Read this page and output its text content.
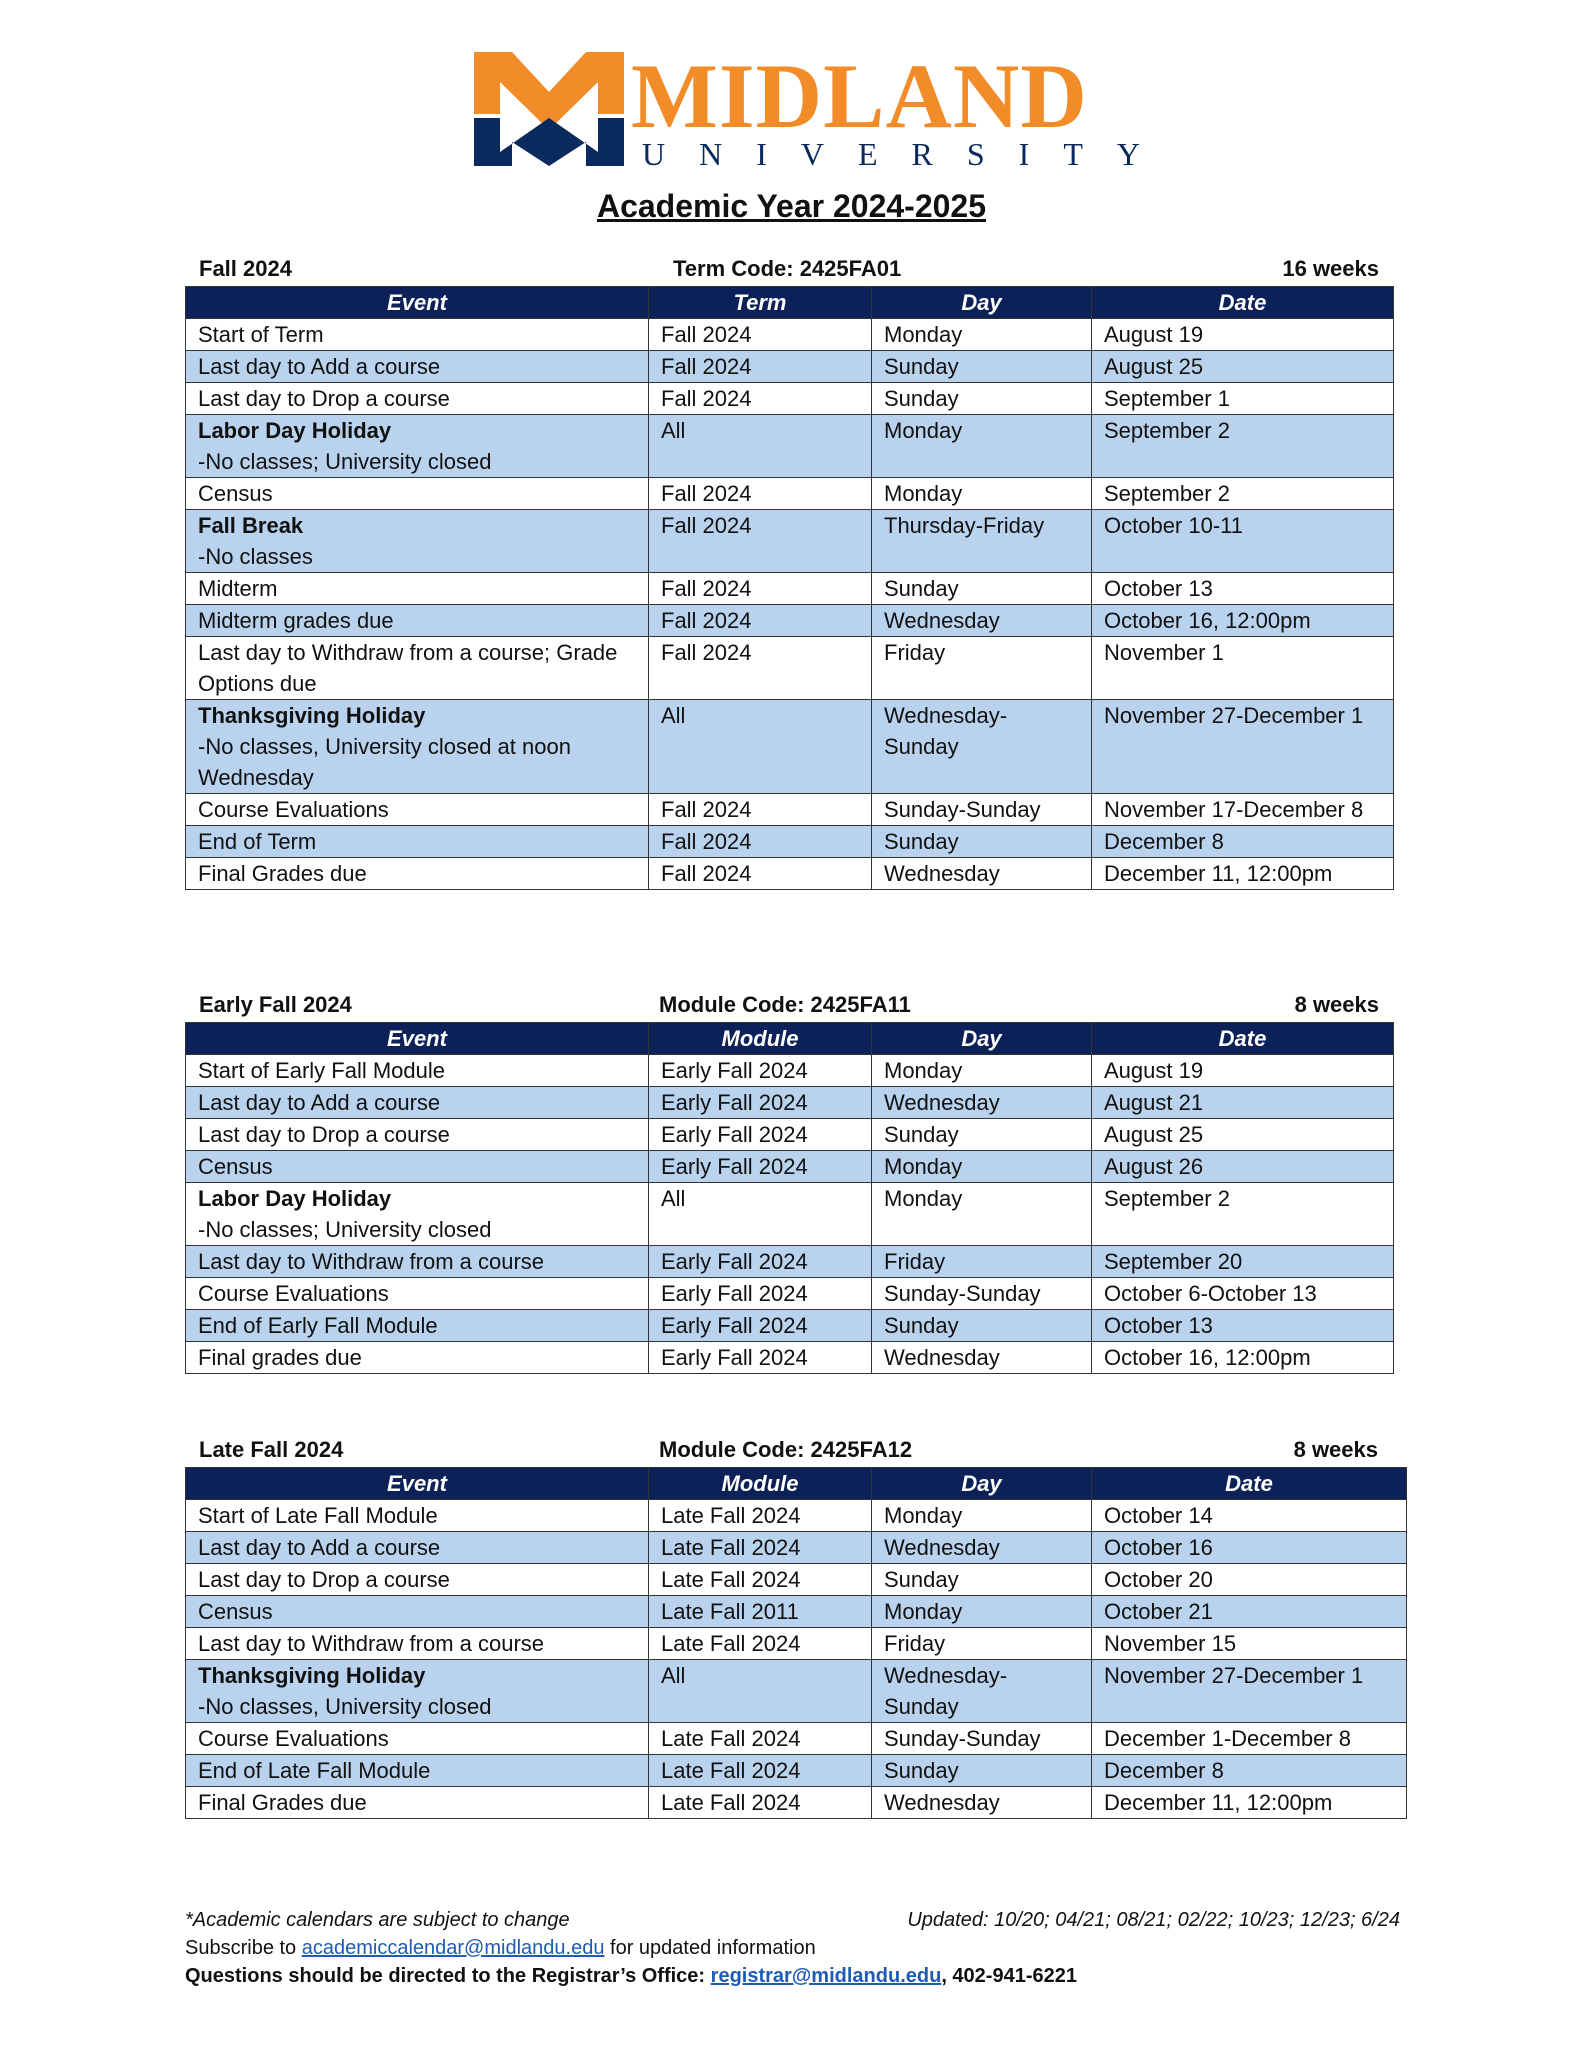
MIDLAND
UNIVERSITY
Academic Year 2024-2025
Fall 2024	Term Code: 2425FA01	16 weeks
Event	Term	Day	Date

Start of Term	Fall 2024	Monday	August 19

Last day to Add a course	Fall 2024	Sunday	August 25

Last day to Drop a course	Fall 2024	Sunday	September 1

Labor Day Holiday
-No classes; University closed	All	Monday	September 2

Census	Fall 2024	Monday	September 2

Fall Break
-No classes	Fall 2024	Thursday-Friday	October 10-11

Midterm	Fall 2024	Sunday	October 13

Midterm grades due	Fall 2024	Wednesday	October 16, 12:00pm

Last day to Withdraw from a course; Grade Options due	Fall 2024	Friday	November 1

Thanksgiving Holiday
-No classes, University closed at noon Wednesday	All	Wednesday-Sunday	November 27-December 1

Course Evaluations	Fall 2024	Sunday-Sunday	November 17-December 8

End of Term	Fall 2024	Sunday	December 8

Final Grades due	Fall 2024	Wednesday	December 11, 12:00pm
Early Fall 2024	Module Code: 2425FA11	8 weeks
Event	Module	Day	Date

Start of Early Fall Module	Early Fall 2024	Monday	August 19

Last day to Add a course	Early Fall 2024	Wednesday	August 21

Last day to Drop a course	Early Fall 2024	Sunday	August 25

Census	Early Fall 2024	Monday	August 26

Labor Day Holiday
-No classes; University closed	All	Monday	September 2

Last day to Withdraw from a course	Early Fall 2024	Friday	September 20

Course Evaluations	Early Fall 2024	Sunday-Sunday	October 6-October 13

End of Early Fall Module	Early Fall 2024	Sunday	October 13

Final grades due	Early Fall 2024	Wednesday	October 16, 12:00pm
Late Fall 2024	Module Code: 2425FA12	8 weeks
Event	Module	Day	Date

Start of Late Fall Module	Late Fall 2024	Monday	October 14

Last day to Add a course	Late Fall 2024	Wednesday	October 16

Last day to Drop a course	Late Fall 2024	Sunday	October 20

Census	Late Fall 2011	Monday	October 21

Last day to Withdraw from a course	Late Fall 2024	Friday	November 15

Thanksgiving Holiday
-No classes, University closed	All	Wednesday-Sunday	November 27-December 1

Course Evaluations	Late Fall 2024	Sunday-Sunday	December 1-December 8

End of Late Fall Module	Late Fall 2024	Sunday	December 8

Final Grades due	Late Fall 2024	Wednesday	December 11, 12:00pm
*Academic calendars are subject to change	Updated: 10/20; 04/21; 08/21; 02/22; 10/23; 12/23; 6/24
Subscribe to academiccalendar@midlandu.edu for updated information
Questions should be directed to the Registrar’s Office: registrar@midlandu.edu, 402-941-6221
